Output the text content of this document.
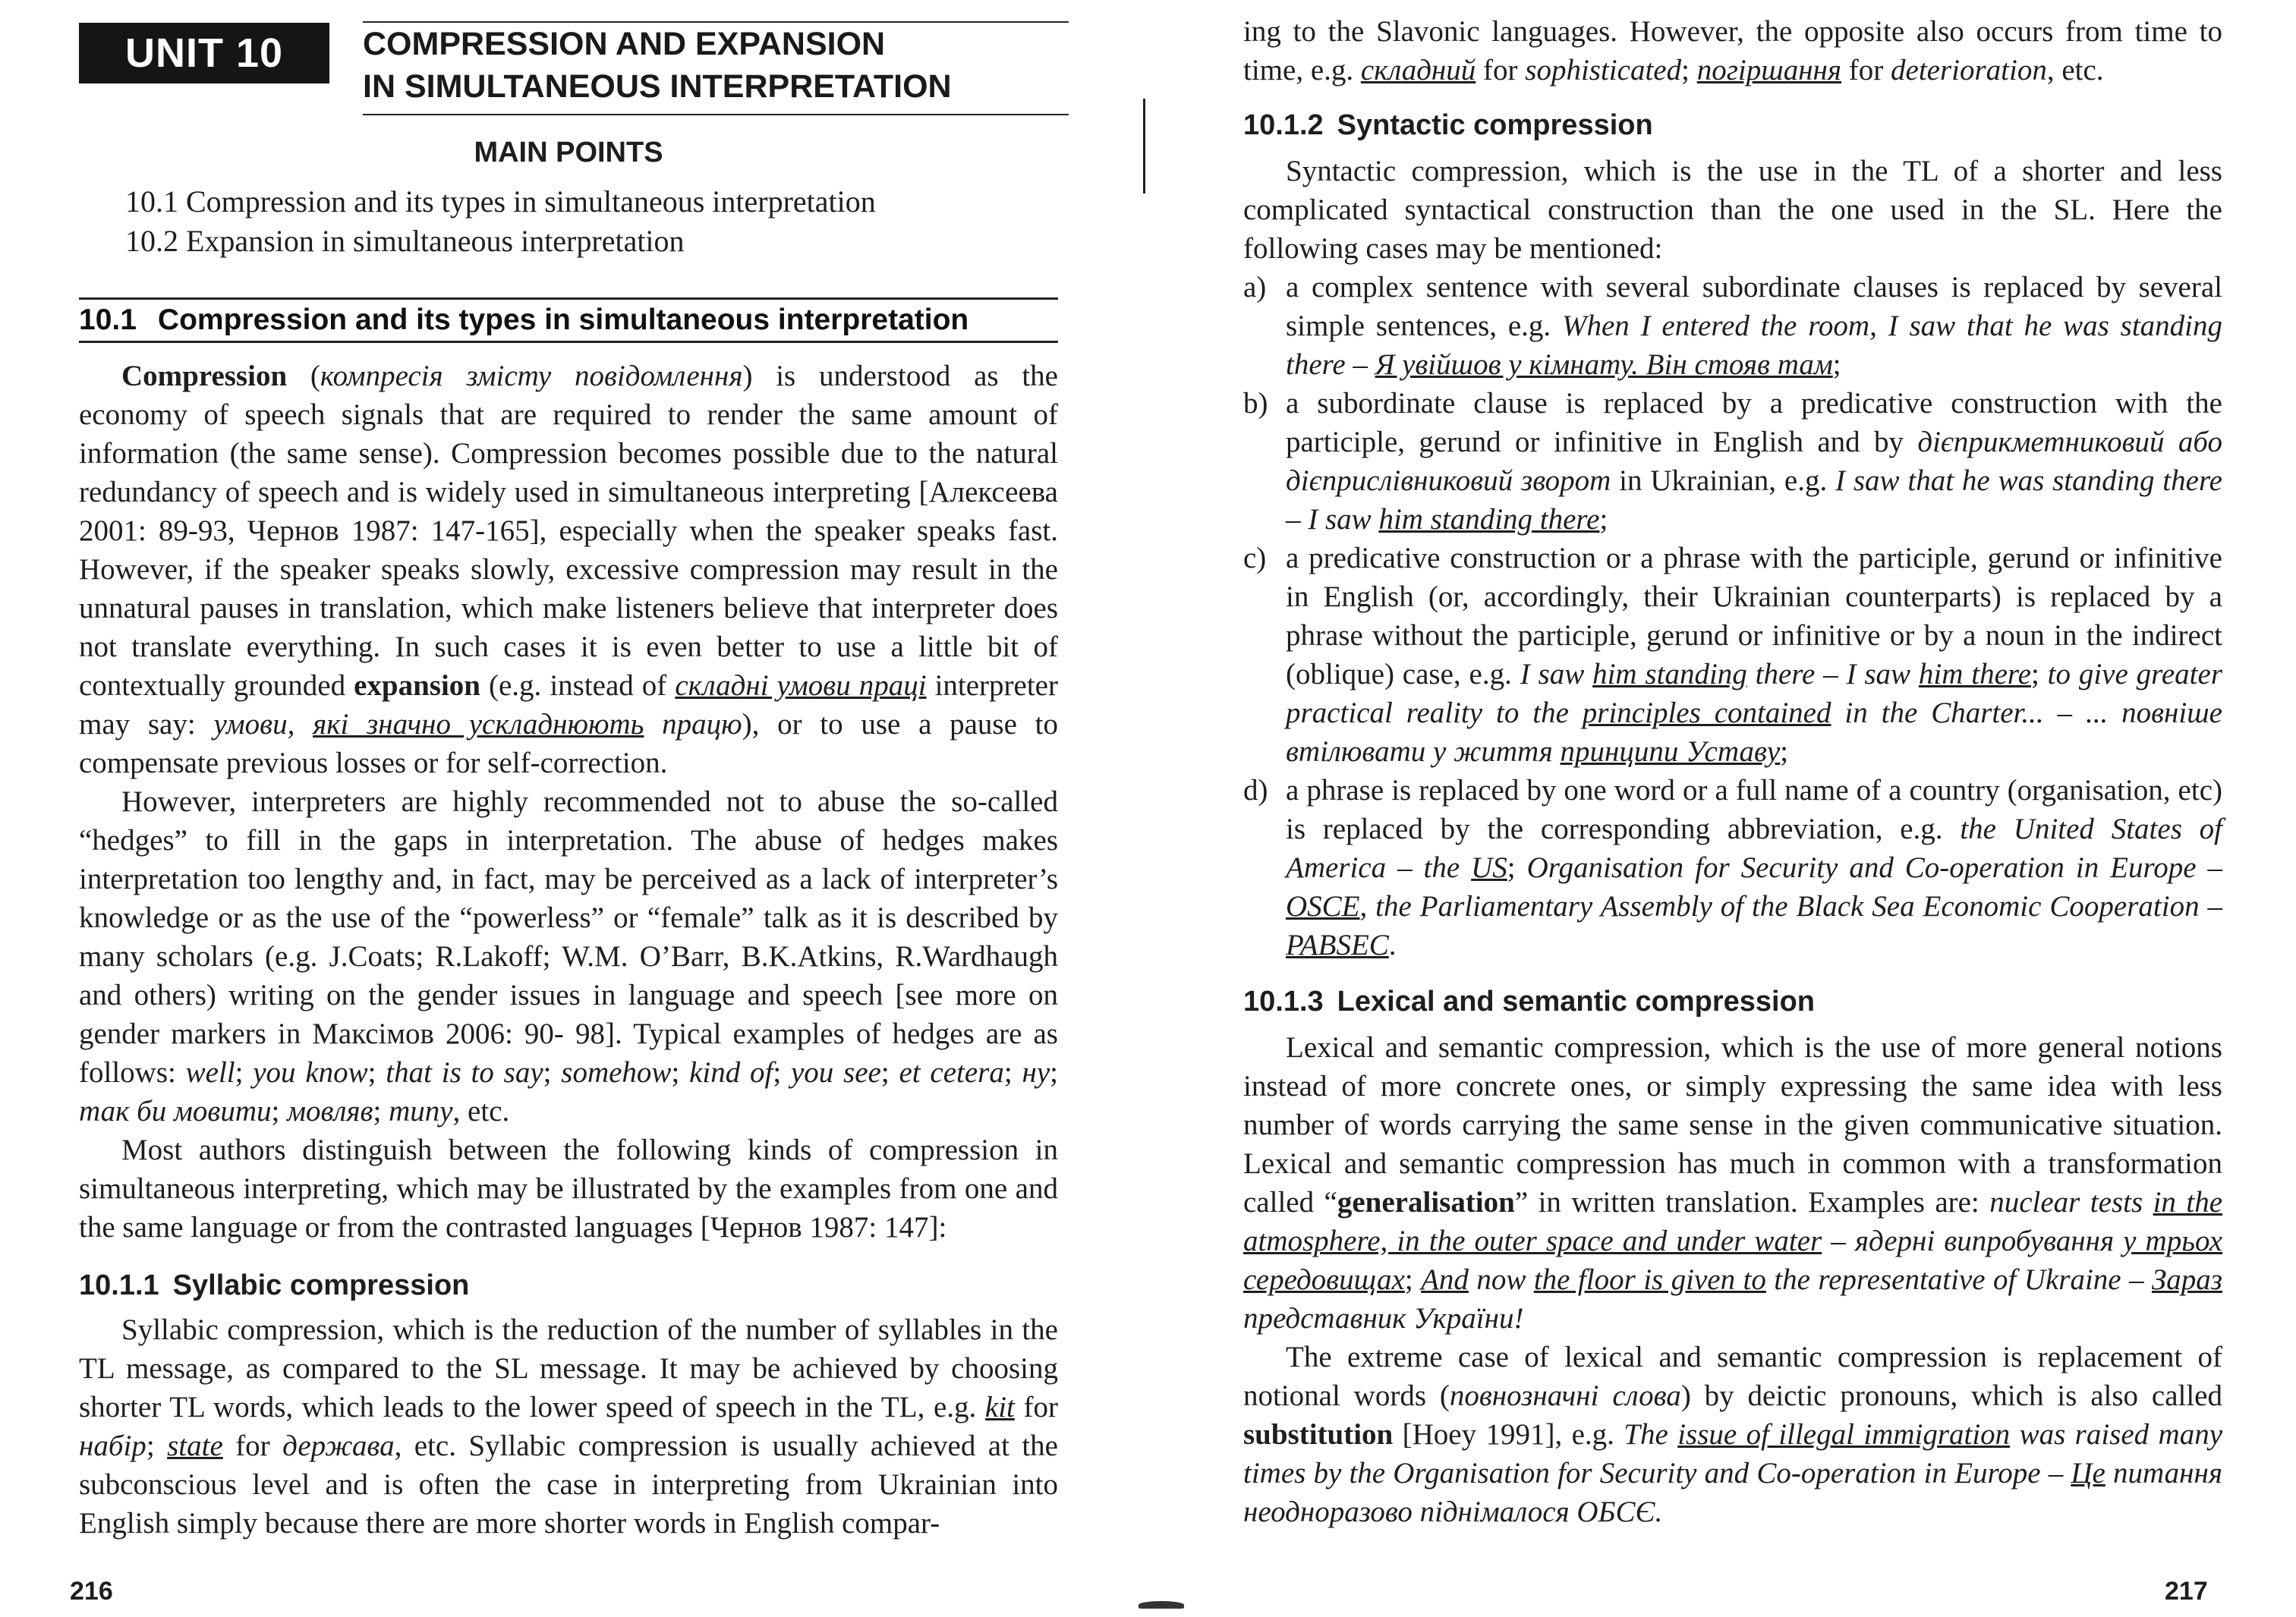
UNIT 10	COMPRESSION AND EXPANSION
IN SIMULTANEOUS INTERPRETATION
MAIN POINTS
10.1 Compression and its types in simultaneous interpretation
10.2 Expansion in simultaneous interpretation
10.1 Compression and its types in simultaneous interpretation

Compression (компресія змісту повідомлення) is understood as the economy of speech signals that are required to render the same amount of information (the same sense). Compression becomes possible due to the natural redundancy of speech and is widely used in simultaneous interpreting [Алексеева 2001: 89-93, Чернов 1987: 147-165], especially when the speaker speaks fast. However, if the speaker speaks slowly, excessive compression may result in the unnatural pauses in translation, which make listeners believe that interpreter does not translate everything. In such cases it is even better to use a little bit of contextually grounded expansion (e.g. instead of складні умови праці interpreter may say: умови, які значно ускладнюють працю), or to use a pause to compensate previous losses or for self-correction.

However, interpreters are highly recommended not to abuse the so-called “hedges” to fill in the gaps in interpretation. The abuse of hedges makes interpretation too lengthy and, in fact, may be perceived as a lack of interpreter’s knowledge or as the use of the “powerless” or “female” talk as it is described by many scholars (e.g. J.Coats; R.Lakoff; W.M. O’Barr, B.K.Atkins, R.Wardhaugh and others) writing on the gender issues in language and speech [see more on gender markers in Максімов 2006: 90- 98]. Typical examples of hedges are as follows: well; you know; that is to say; somehow; kind of; you see; et cetera; ну; так би мовити; мовляв; типу, etc.

Most authors distinguish between the following kinds of compression in simultaneous interpreting, which may be illustrated by the examples from one and the same language or from the contrasted languages [Чернов 1987: 147]:

10.1.1 Syllabic compression

Syllabic compression, which is the reduction of the number of syllables in the TL message, as compared to the SL message. It may be achieved by choosing shorter TL words, which leads to the lower speed of speech in the TL, e.g. kit for набір; state for держава, etc. Syllabic compression is usually achieved at the subconscious level and is often the case in interpreting from Ukrainian into English simply because there are more shorter words in English compar-

216

ing to the Slavonic languages. However, the opposite also occurs from time to time, e.g. складний for sophisticated; погіршання for deterioration, etc.

10.1.2 Syntactic compression

Syntactic compression, which is the use in the TL of a shorter and less complicated syntactical construction than the one used in the SL. Here the following cases may be mentioned:

a) a complex sentence with several subordinate clauses is replaced by several simple sentences, e.g. When I entered the room, I saw that he was standing there – Я увійшов у кімнату. Він стояв там;
b) a subordinate clause is replaced by a predicative construction with the participle, gerund or infinitive in English and by дієприкметниковий або дієприслівниковий зворот in Ukrainian, e.g. I saw that he was standing there – I saw him standing there;
c) a predicative construction or a phrase with the participle, gerund or infinitive in English (or, accordingly, their Ukrainian counterparts) is replaced by a phrase without the participle, gerund or infinitive or by a noun in the indirect (oblique) case, e.g. I saw him standing there – I saw him there; to give greater practical reality to the principles contained in the Charter... – ... повніше втілювати у життя принципи Уставу;
d) a phrase is replaced by one word or a full name of a country (organisation, etc) is replaced by the corresponding abbreviation, e.g. the United States of America – the US; Organisation for Security and Co-operation in Europe – OSCE, the Parliamentary Assembly of the Black Sea Economic Cooperation – PABSEC.
10.1.3 Lexical and semantic compression

Lexical and semantic compression, which is the use of more general notions instead of more concrete ones, or simply expressing the same idea with less number of words carrying the same sense in the given communicative situation. Lexical and semantic compression has much in common with a transformation called “generalisation” in written translation. Examples are: nuclear tests in the atmosphere, in the outer space and under water – ядерні випробування у трьох середовищах; And now the floor is given to the representative of Ukraine – Зараз представник України!

The extreme case of lexical and semantic compression is replacement of notional words (повнозначні слова) by deictic pronouns, which is also called substitution [Hoey 1991], e.g. The issue of illegal immigration was raised many times by the Organisation for Security and Co-operation in Europe – Це питання неодноразово піднімалося ОБСЄ.

217
